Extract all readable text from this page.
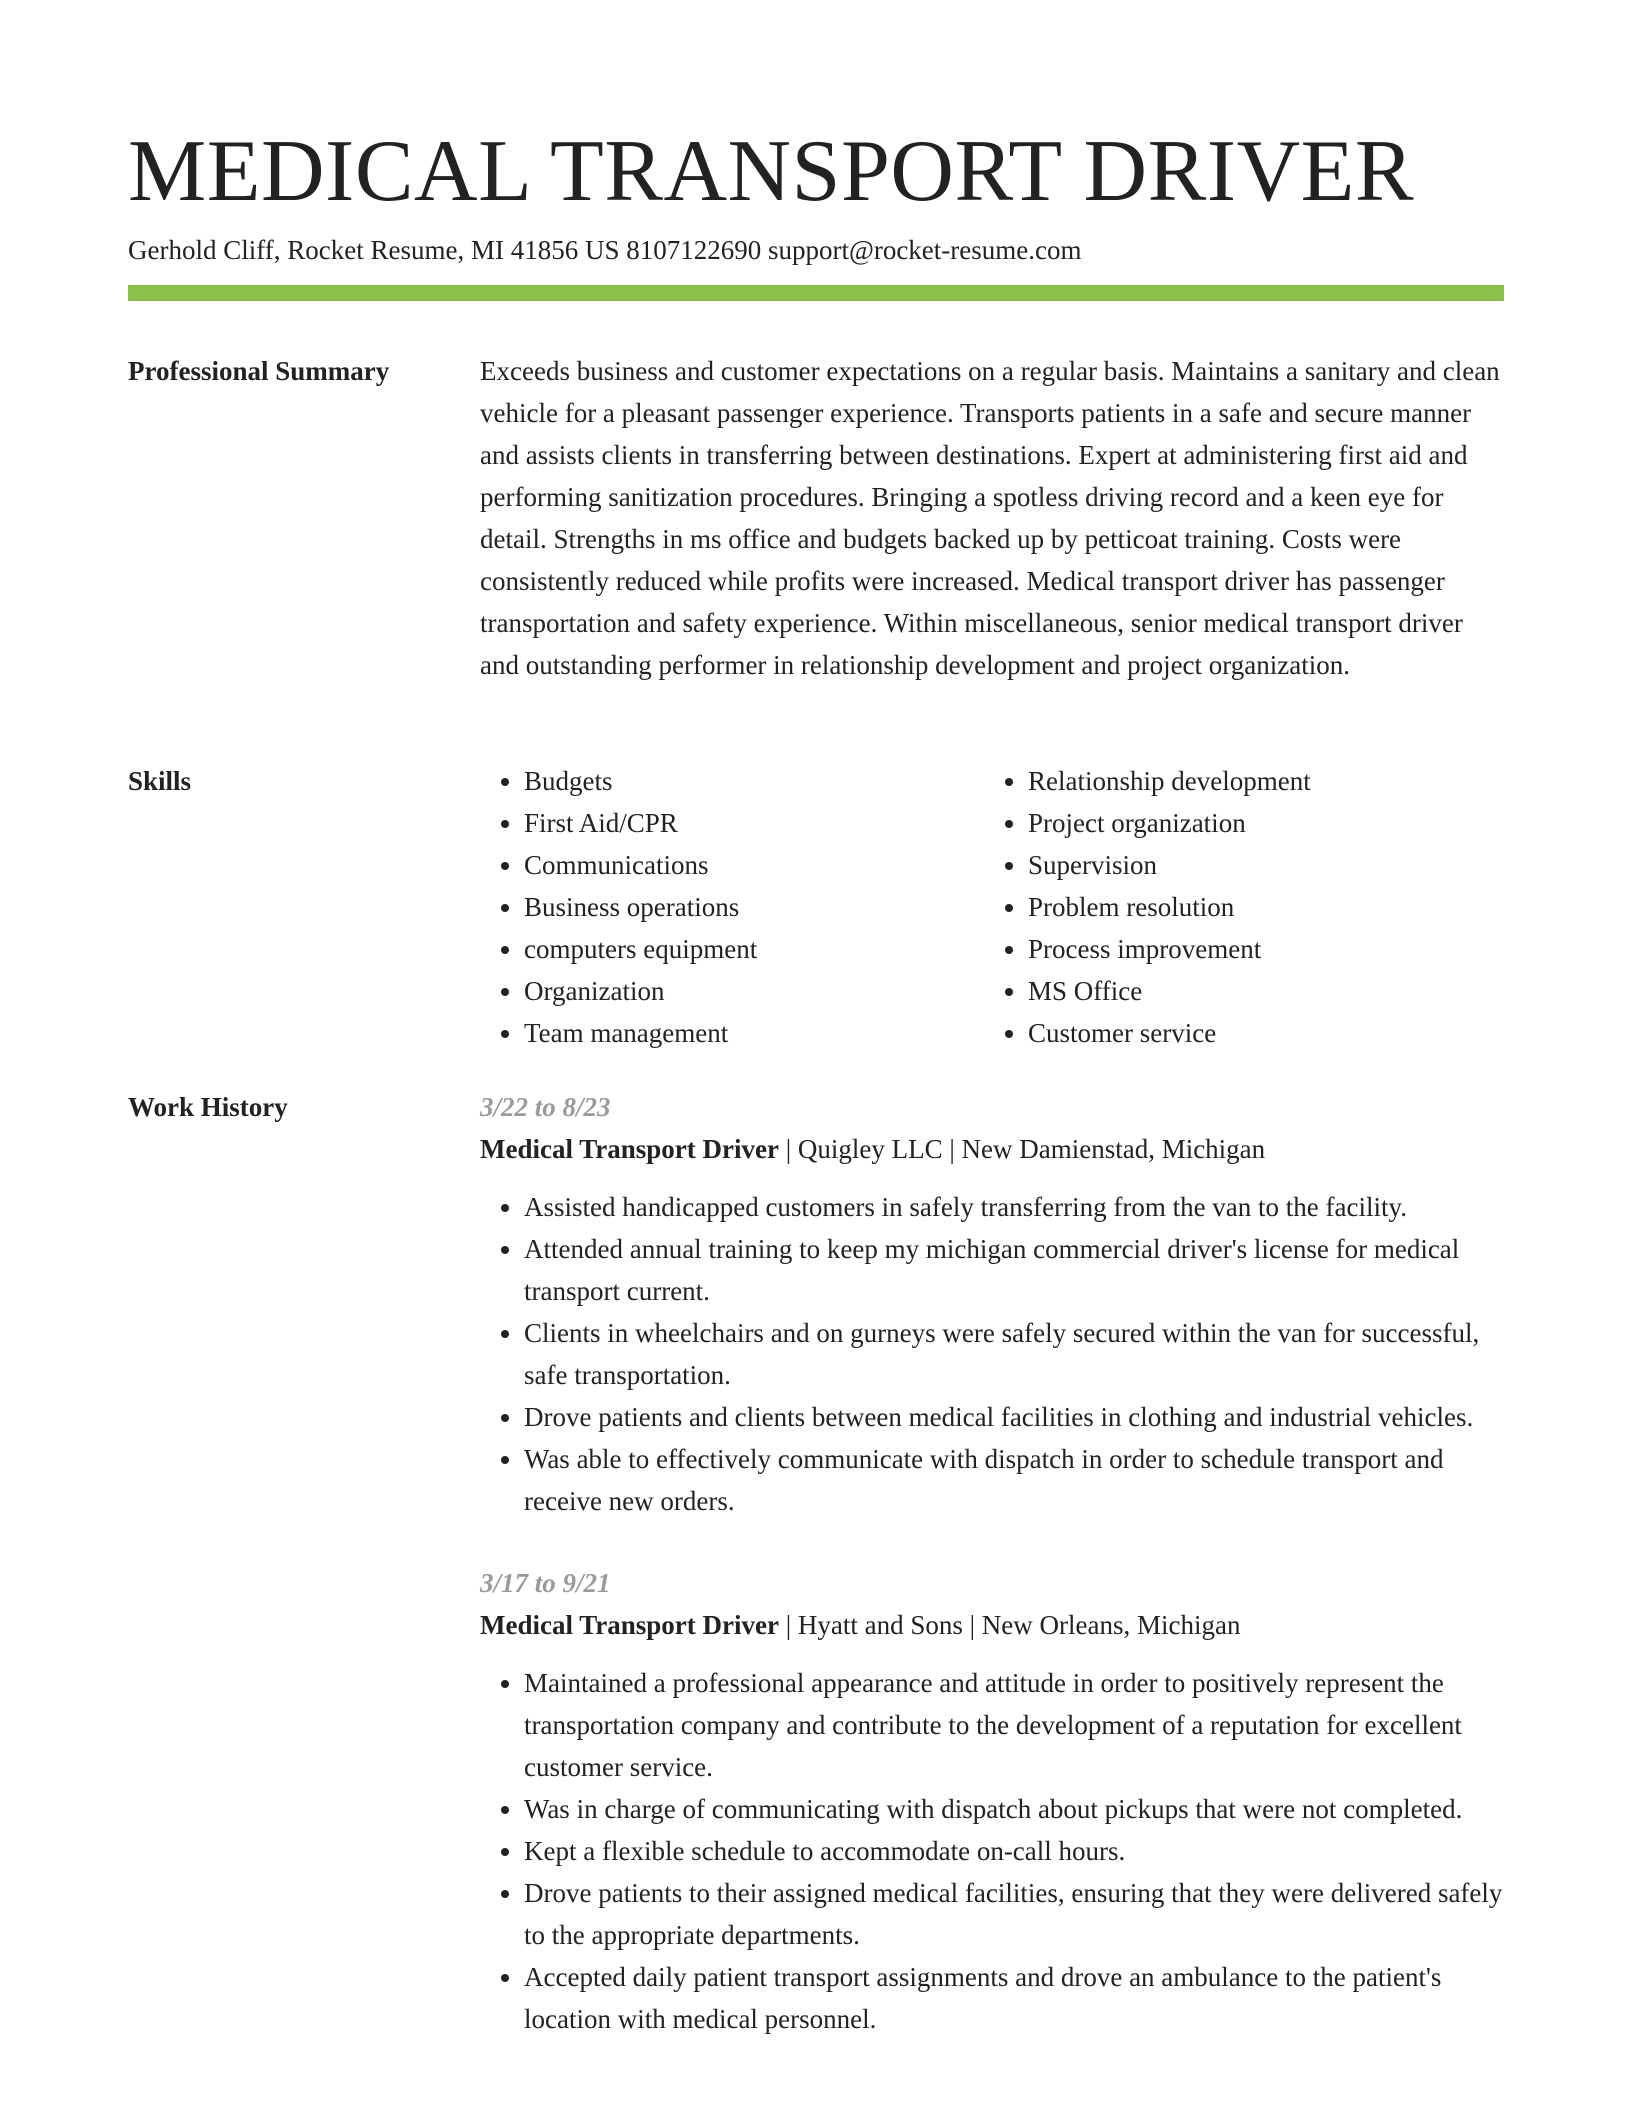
MEDICAL TRANSPORT DRIVER
Gerhold Cliff, Rocket Resume, MI 41856 US 8107122690 support@rocket-resume.com
Professional Summary	Exceeds business and customer expectations on a regular basis. Maintains a sanitary and clean vehicle for a pleasant passenger experience. Transports patients in a safe and secure manner and assists clients in transferring between destinations. Expert at administering first aid and performing sanitization procedures. Bringing a spotless driving record and a keen eye for detail. Strengths in ms office and budgets backed up by petticoat training. Costs were consistently reduced while profits were increased. Medical transport driver has passenger transportation and safety experience. Within miscellaneous, senior medical transport driver and outstanding performer in relationship development and project organization.

Skills
•	Budgets
• First Aid/CPR
• Communications
• Business operations
• computers equipment
• Organization
• Team management
• Relationship development
• Project organization
• Supervision
• Problem resolution
• Process improvement
• MS Office
• Customer service
Work History	3/22 to 8/23
Medical Transport Driver | Quigley LLC | New Damienstad, Michigan
• Assisted handicapped customers in safely transferring from the van to the facility.
• Attended annual training to keep my michigan commercial driver's license for medical transport current.
• Clients in wheelchairs and on gurneys were safely secured within the van for successful, safe transportation.
• Drove patients and clients between medical facilities in clothing and industrial vehicles.
• Was able to effectively communicate with dispatch in order to schedule transport and receive new orders.
3/17 to 9/21
Medical Transport Driver | Hyatt and Sons | New Orleans, Michigan
• Maintained a professional appearance and attitude in order to positively represent the transportation company and contribute to the development of a reputation for excellent customer service.
• Was in charge of communicating with dispatch about pickups that were not completed.
• Kept a flexible schedule to accommodate on-call hours.
• Drove patients to their assigned medical facilities, ensuring that they were delivered safely to the appropriate departments.
• Accepted daily patient transport assignments and drove an ambulance to the patient's location with medical personnel.
